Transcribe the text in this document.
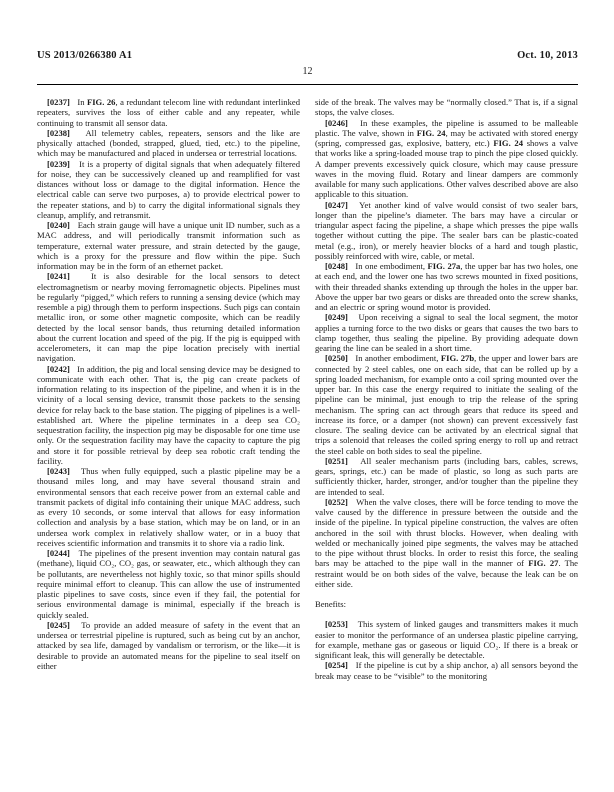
US 2013/0266380 A1	Oct. 10, 2013
12

[0237] In FIG. 26, a redundant telecom line with redundant interlinked repeaters, survives the loss of either cable and any repeater, while continuing to transmit all sensor data.

[0238] All telemetry cables, repeaters, sensors and the like are physically attached (bonded, strapped, glued, tied, etc.) to the pipeline, which may be manufactured and placed in undersea or terrestrial locations.

[0239] It is a property of digital signals that when adequately filtered for noise, they can be successively cleaned up and reamplified for vast distances without loss or damage to the digital information. Hence the electrical cable can serve two purposes, a) to provide electrical power to the repeater stations, and b) to carry the digital informational signals they cleanup, amplify, and retransmit.

[0240] Each strain gauge will have a unique unit ID number, such as a MAC address, and will periodically transmit information such as temperature, external water pressure, and strain detected by the gauge, which is a proxy for the pressure and flow within the pipe. Such information may be in the form of an ethernet packet.

[0241] It is also desirable for the local sensors to detect electromagnetism or nearby moving ferromagnetic objects. Pipelines must be regularly “pigged,” which refers to running a sensing device (which may resemble a pig) through them to perform inspections. Such pigs can contain metallic iron, or some other magnetic composite, which can be readily detected by the local sensor bands, thus returning detailed information about the current location and speed of the pig. If the pig is equipped with accelerometers, it can map the pipe location precisely with inertial navigation.

[0242] In addition, the pig and local sensing device may be designed to communicate with each other. That is, the pig can create packets of information relating to its inspection of the pipeline, and when it is in the vicinity of a local sensing device, transmit those packets to the sensing device for relay back to the base station. The pigging of pipelines is a well-established art. Where the pipeline terminates in a deep sea CO₂ sequestration facility, the inspection pig may be disposable for one time use only. Or the sequestration facility may have the capacity to capture the pig and store it for possible retrieval by deep sea robotic craft tending the facility.

[0243] Thus when fully equipped, such a plastic pipeline may be a thousand miles long, and may have several thousand strain and environmental sensors that each receive power from an external cable and transmit packets of digital info containing their unique MAC address, such as every 10 seconds, or some interval that allows for easy information collection and analysis by a base station, which may be on land, or in an undersea work complex in relatively shallow water, or in a buoy that receives scientific information and transmits it to shore via a radio link.

[0244] The pipelines of the present invention may contain natural gas (methane), liquid CO₂, CO₂ gas, or seawater, etc., which although they can be pollutants, are nevertheless not highly toxic, so that minor spills should require minimal effort to cleanup. This can allow the use of instrumented plastic pipelines to save costs, since even if they fail, the potential for serious environmental damage is minimal, especially if the breach is quickly sealed.

[0245] To provide an added measure of safety in the event that an undersea or terrestrial pipeline is ruptured, such as being cut by an anchor, attacked by sea life, damaged by vandalism or terrorism, or the like—it is desirable to provide an automated means for the pipeline to seal itself on either

side of the break. The valves may be “normally closed.” That is, if a signal stops, the valve closes.

[0246] In these examples, the pipeline is assumed to be malleable plastic. The valve, shown in FIG. 24, may be activated with stored energy (spring, compressed gas, explosive, battery, etc.) FIG. 24 shows a valve that works like a spring-loaded mouse trap to pinch the pipe closed quickly. A damper prevents excessively quick closure, which may cause pressure waves in the moving fluid. Rotary and linear dampers are commonly available for many such applications. Other valves described above are also applicable to this situation.

[0247] Yet another kind of valve would consist of two sealer bars, longer than the pipeline’s diameter. The bars may have a circular or triangular aspect facing the pipeline, a shape which presses the pipe walls together without cutting the pipe. The sealer bars can be plastic-coated metal (e.g., iron), or merely heavier blocks of a hard and tough plastic, possibly reinforced with wire, cable, or metal.

[0248] In one embodiment, FIG. 27a, the upper bar has two holes, one at each end, and the lower one has two screws mounted in fixed positions, with their threaded shanks extending up through the holes in the upper bar. Above the upper bar two gears or disks are threaded onto the screw shanks, and an electric or spring wound motor is provided.

[0249] Upon receiving a signal to seal the local segment, the motor applies a turning force to the two disks or gears that causes the two bars to clamp together, thus sealing the pipeline. By providing adequate down gearing the line can be sealed in a short time.

[0250] In another embodiment, FIG. 27b, the upper and lower bars are connected by 2 steel cables, one on each side, that can be rolled up by a spring loaded mechanism, for example onto a coil spring mounted over the upper bar. In this case the energy required to initiate the sealing of the pipeline can be minimal, just enough to trip the release of the spring mechanism. The spring can act through gears that reduce its speed and increase its force, or a damper (not shown) can prevent excessively fast closure. The sealing device can be activated by an electrical signal that trips a solenoid that releases the coiled spring energy to roll up and retract the steel cable on both sides to seal the pipeline.

[0251] All sealer mechanism parts (including bars, cables, screws, gears, springs, etc.) can be made of plastic, so long as such parts are sufficiently thicker, harder, stronger, and/or tougher than the pipeline they are intended to seal.

[0252] When the valve closes, there will be force tending to move the valve caused by the difference in pressure between the outside and the inside of the pipeline. In typical pipeline construction, the valves are often anchored in the soil with thrust blocks. However, when dealing with welded or mechanically joined pipe segments, the valves may be attached to the pipe without thrust blocks. In order to resist this force, the sealing bars may be attached to the pipe wall in the manner of FIG. 27. The restraint would be on both sides of the valve, because the leak can be on either side.

Benefits:

[0253] This system of linked gauges and transmitters makes it much easier to monitor the performance of an undersea plastic pipeline carrying, for example, methane gas or gaseous or liquid CO₂. If there is a break or significant leak, this will generally be detectable.

[0254] If the pipeline is cut by a ship anchor, a) all sensors beyond the break may cease to be “visible” to the monitoring
